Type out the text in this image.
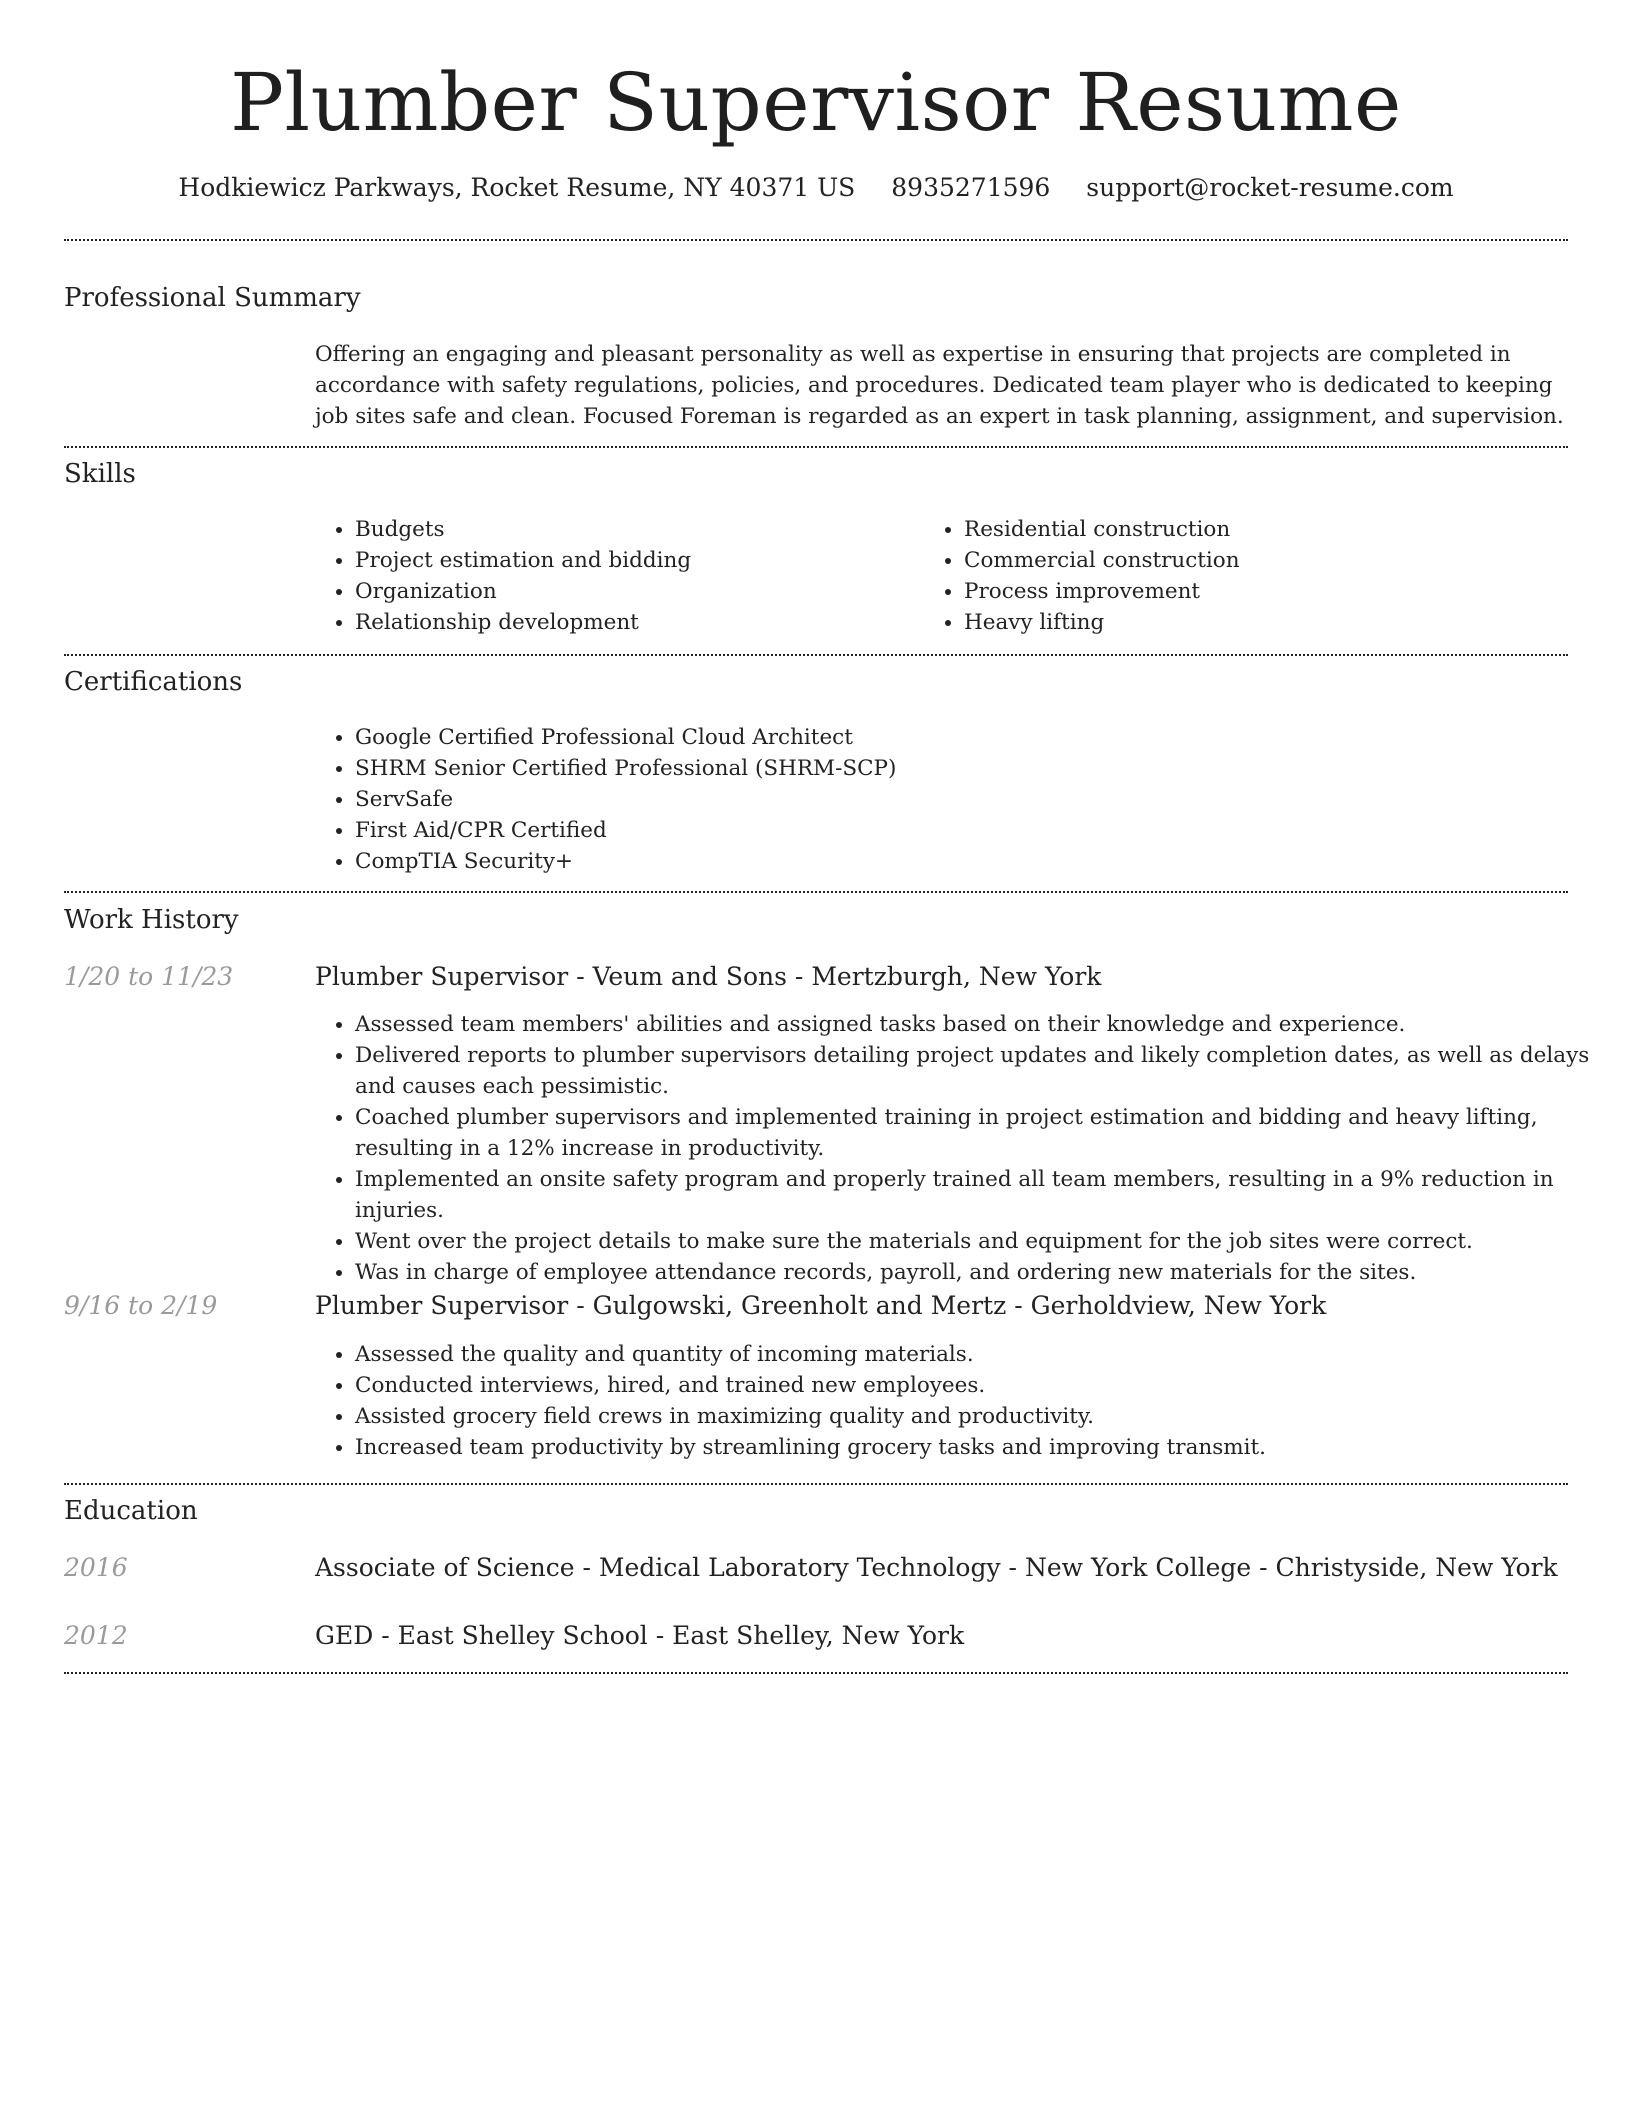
Plumber Supervisor Resume
Hodkiewicz Parkways, Rocket Resume, NY 40371 US 8935271596 support@rocket-resume.com
Professional Summary
Offering an engaging and pleasant personality as well as expertise in ensuring that projects are completed in accordance with safety regulations, policies, and procedures. Dedicated team player who is dedicated to keeping job sites safe and clean. Focused Foreman is regarded as an expert in task planning, assignment, and supervision.
Skills
• Budgets
• Project estimation and bidding
• Organization
• Relationship development
• Residential construction
• Commercial construction
• Process improvement
• Heavy lifting
Certifications
• Google Certified Professional Cloud Architect
• SHRM Senior Certified Professional (SHRM-SCP)
• ServSafe
• First Aid/CPR Certified
• CompTIA Security+
Work History
1/20 to 11/23	Plumber Supervisor - Veum and Sons - Mertzburgh, New York
• Assessed team members' abilities and assigned tasks based on their knowledge and experience.
• Delivered reports to plumber supervisors detailing project updates and likely completion dates, as well as delays and causes each pessimistic.
• Coached plumber supervisors and implemented training in project estimation and bidding and heavy lifting, resulting in a 12% increase in productivity.
• Implemented an onsite safety program and properly trained all team members, resulting in a 9% reduction in injuries.
• Went over the project details to make sure the materials and equipment for the job sites were correct.
• Was in charge of employee attendance records, payroll, and ordering new materials for the sites.
9/16 to 2/19	Plumber Supervisor - Gulgowski, Greenholt and Mertz - Gerholdview, New York
• Assessed the quality and quantity of incoming materials.
• Conducted interviews, hired, and trained new employees.
• Assisted grocery field crews in maximizing quality and productivity.
• Increased team productivity by streamlining grocery tasks and improving transmit.
Education
2016	Associate of Science - Medical Laboratory Technology - New York College - Christyside, New York
2012	GED - East Shelley School - East Shelley, New York
